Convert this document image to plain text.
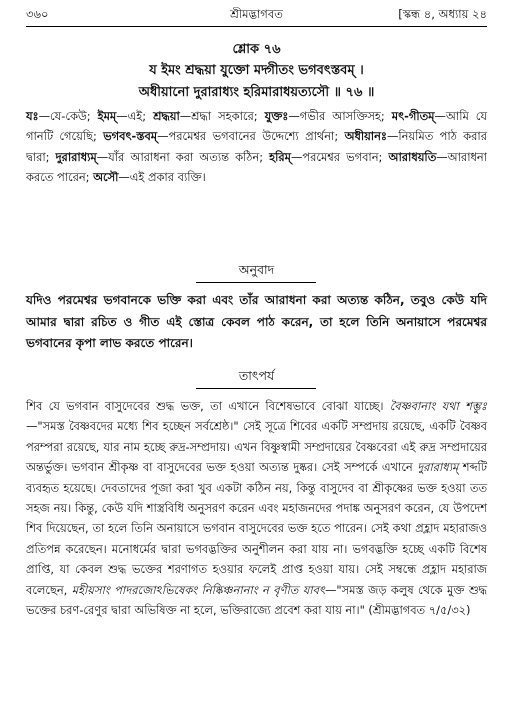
৩৬০	শ্রীমদ্ভাগবত	[স্কন্ধ ৪, অধ্যায় ২৪
শ্লোক ৭৬
য ইমং শ্রদ্ধয়া যুক্তো মদ্গীতং ভগবৎস্তবম্ ।
অধীয়ানো দুরারাধ্যং হরিমারাধয়ত্যসৌ ॥ ৭৬ ॥
যঃ—যে-কেউ; ইমম্—এই; শ্রদ্ধয়া—শ্রদ্ধা সহকারে; যুক্তঃ—গভীর আসক্তিসহ; মৎ-গীতম্—আমি যে গানটি গেয়েছি; ভগবৎ-স্তবম্—পরমেশ্বর ভগবানের উদ্দেশ্যে প্রার্থনা; অধীয়ানঃ—নিয়মিত পাঠ করার দ্বারা; দুরারাধ্যম্—যাঁর আরাধনা করা অত্যন্ত কঠিন; হরিম্—পরমেশ্বর ভগবান; আরাধয়তি—আরাধনা করতে পারেন; অসৌ—এই প্রকার ব্যক্তি।
অনুবাদ
যদিও পরমেশ্বর ভগবানকে ভক্তি করা এবং তাঁর আরাধনা করা অত্যন্ত কঠিন, তবুও কেউ যদি আমার দ্বারা রচিত ও গীত এই স্তোত্র কেবল পাঠ করেন, তা হলে তিনি অনায়াসে পরমেশ্বর ভগবানের কৃপা লাভ করতে পারেন।
তাৎপর্য
শিব যে ভগবান বাসুদেবের শুদ্ধ ভক্ত, তা এখানে বিশেষভাবে বোঝা যাচ্ছে। বৈষ্ণবানাং যথা শম্ভুঃ—"সমস্ত বৈষ্ণবদের মধ্যে শিব হচ্ছেন সর্বশ্রেষ্ঠ।" সেই সূত্রে শিবের একটি সম্প্রদায় রয়েছে, একটি বৈষ্ণব পরম্পরা রয়েছে, যার নাম হচ্ছে রুদ্র-সম্প্রদায়। এখন বিষ্ণুস্বামী সম্প্রদায়ের বৈষ্ণবেরা এই রুদ্র সম্প্রদায়ের অন্তর্ভুক্ত। ভগবান শ্রীকৃষ্ণ বা বাসুদেবের ভক্ত হওয়া অত্যন্ত দুষ্কর। সেই সম্পর্কে এখানে দুরারাধ্যম্ শব্দটি ব্যবহৃত হয়েছে। দেবতাদের পূজা করা খুব একটা কঠিন নয়, কিন্তু বাসুদেব বা শ্রীকৃষ্ণের ভক্ত হওয়া তত সহজ নয়। কিন্তু, কেউ যদি শাস্ত্রবিধি অনুসরণ করেন এবং মহাজনদের পদাঙ্ক অনুসরণ করেন, যে উপদেশ শিব দিয়েছেন, তা হলে তিনি অনায়াসে ভগবান বাসুদেবের ভক্ত হতে পারেন। সেই কথা প্রহ্লাদ মহারাজও প্রতিপন্ন করেছেন। মনোধর্মের দ্বারা ভগবদ্ভক্তির অনুশীলন করা যায় না। ভগবদ্ভক্তি হচ্ছে একটি বিশেষ প্রাপ্তি, যা কেবল শুদ্ধ ভক্তের শরণাগত হওয়ার ফলেই প্রাপ্ত হওয়া যায়। সেই সম্বন্ধে প্রহ্লাদ মহারাজ বলেছেন, মহীয়সাং পাদরজোঽভিষেকং নিষ্কিঞ্চনানাং ন বৃণীত যাবৎ—"সমস্ত জড় কলুষ থেকে মুক্ত শুদ্ধ ভক্তের চরণ-রেণুর দ্বারা অভিষিক্ত না হলে, ভক্তিরাজ্যে প্রবেশ করা যায় না।" (শ্রীমদ্ভাগবত ৭/৫/৩২)
